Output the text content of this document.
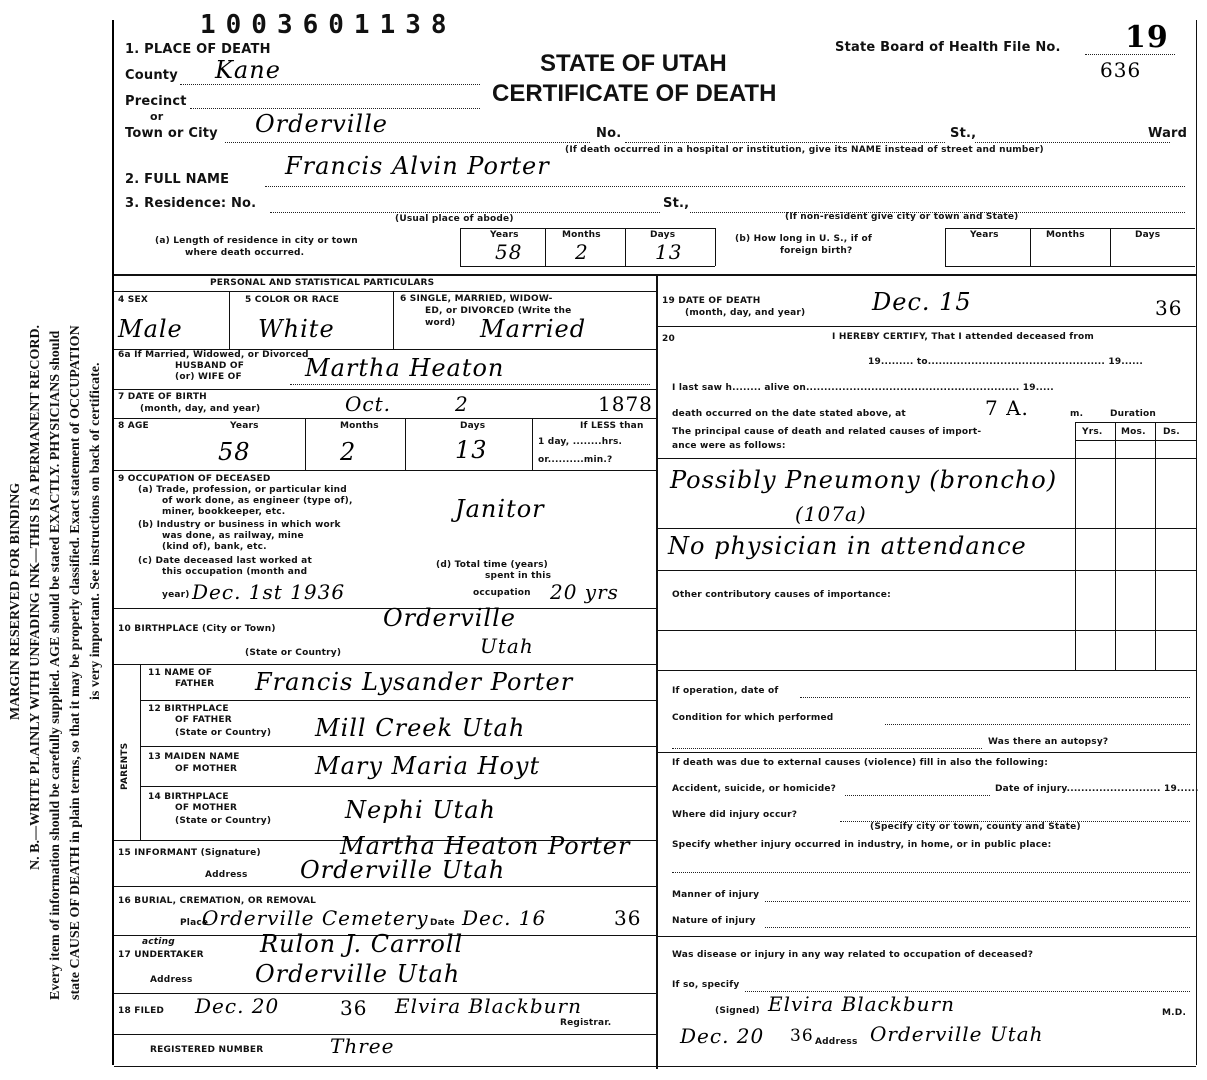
1003601138
MARGIN RESERVED FOR BINDING N. B.—WRITE PLAINLY WITH UNFADING INK—THIS IS A PERMANENT RECORD. Every item of information should be carefully supplied. AGE should be stated EXACTLY. PHYSICIANS should state CAUSE OF DEATH in plain terms, so that it may be properly classified. Exact statement of OCCUPATION is very important. See instructions on back of certificate.
1. PLACE OF DEATH
County Kane
Precinct
or
Town or City Orderville	No.	St.,	Ward
STATE OF UTAH
CERTIFICATE OF DEATH
State Board of Health File No. 19
636
(If death occurred in a hospital or institution, give its NAME instead of street and number)
2. FULL NAME Francis Alvin Porter
3. Residence: No.	St.,
(Usual place of abode)	(If non-resident give city or town and State)
(a) Length of residence in city or town
where death occurred.
Years	Months	Days
58	2	13
(b) How long in U. S., if of
foreign birth?
Years	Months	Days
PERSONAL AND STATISTICAL PARTICULARS
4 SEX	5 COLOR OR RACE	6 SINGLE, MARRIED, WIDOW-
ED, or DIVORCED (Write the
word)
Male	White	Married
6a If Married, Widowed, or Divorced
HUSBAND OF
(or) WIFE OF	Martha Heaton
7 DATE OF BIRTH
(month, day, and year)	Oct.	2	1878
8 AGE	Years	Months	Days	If LESS than
1 day, ........hrs.
or..........min.?
58	2	13
9 OCCUPATION OF DECEASED
(a) Trade, profession, or particular kind
of work done, as engineer (type of),
miner, bookkeeper, etc.	Janitor
(b) Industry or business in which work
was done, as railway, mine
(kind of), bank, etc.
(c) Date deceased last worked at
this occupation (month and
year) Dec. 1st 1936
(d) Total time (years)
spent in this
occupation 20 yrs
10 BIRTHPLACE (City or Town)	Orderville
(State or Country)	Utah
PARENTS
11 NAME OF
FATHER Francis Lysander Porter
12 BIRTHPLACE
OF FATHER
(State or Country) Mill Creek Utah
13 MAIDEN NAME
OF MOTHER	Mary Maria Hoyt
14 BIRTHPLACE
OF MOTHER
(State or Country)	Nephi Utah
15 INFORMANT (Signature)	Martha Heaton Porter
Address Orderville Utah
16 BURIAL, CREMATION, OR REMOVAL
Place
Orderville Cemetery Date Dec. 16	36
acting
17 UNDERTAKER Rulon J. Carroll
Address	Orderville Utah
18 FILED Dec. 20	36 Elvira Blackburn
Registrar.
REGISTERED NUMBER	Three
19 DATE OF DEATH
(month, day, and year)	Dec. 15	36
20	I HEREBY CERTIFY, That I attended deceased from
19......... to................................................. 19......
I last saw h........ alive on........................................................... 19.....
death occurred on the date stated above, at	7 A.	m.	Duration
The principal cause of death and related causes of import-
ance were as follows:
Yrs. Mos. Ds.
Possibly Pneumony (broncho)
(107a)
No physician in attendance
Other contributory causes of importance:
If operation, date of
Condition for which performed
Was there an autopsy?
If death was due to external causes (violence) fill in also the following:
Accident, suicide, or homicide?	Date of injury.......................... 19......
Where did injury occur?
(Specify city or town, county and State)
Specify whether injury occurred in industry, in home, or in public place:
Manner of injury
Nature of injury
Was disease or injury in any way related to occupation of deceased?
If so, specify
(Signed) Elvira Blackburn	M.D.
Dec. 20 36 Address Orderville Utah
